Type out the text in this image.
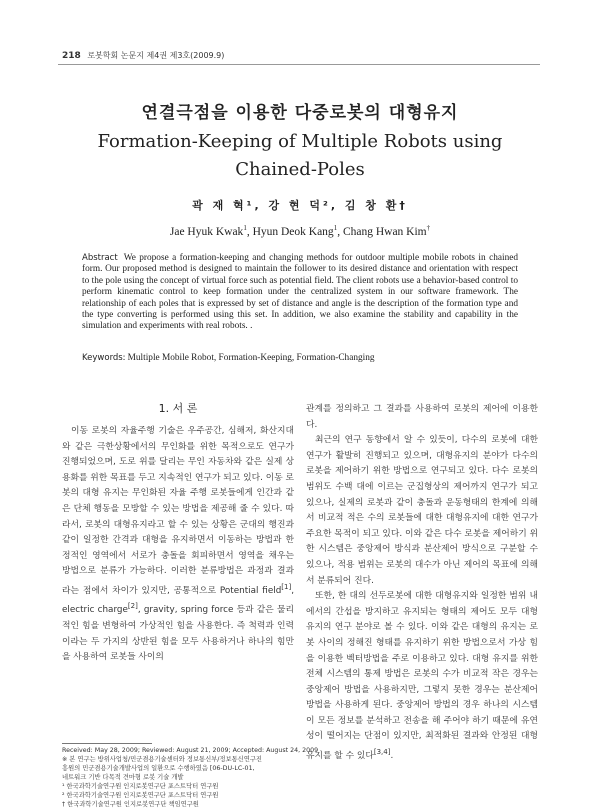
218 로봇학회 논문지 제4권 제3호(2009.9)
연결극점을 이용한 다중로봇의 대형유지
Formation-Keeping of Multiple Robots using
Chained-Poles
곽 재 혁¹, 강 현 덕², 김 창 환†
Jae Hyuk Kwak$^1$, Hyun Deok Kang$^1$, Chang Hwan Kim†
Abstract We propose a formation-keeping and changing methods for outdoor multiple mobile robots in chained form. Our proposed method is designed to maintain the follower to its desired distance and orientation with respect to the pole using the concept of virtual force such as potential field. The client robots use a behavior-based control to perform kinematic control to keep formation under the centralized system in our software framework. The relationship of each poles that is expressed by set of distance and angle is the description of the formation type and the type converting is performed using this set. In addition, we also examine the stability and capability in the simulation and experiments with real robots. .
Keywords: Multiple Mobile Robot, Formation-Keeping, Formation-Changing
1. 서 론

이동 로봇의 자율주행 기술은 우주공간, 심해저, 화산지대와 같은 극한상황에서의 무인화를 위한 목적으로도 연구가 진행되었으며, 도로 위를 달리는 무인 자동차와 같은 실제 상용화를 위한 목표를 두고 지속적인 연구가 되고 있다. 이동 로봇의 대형 유지는 무인화된 자율 주행 로봇들에게 인간과 같은 단체 행동을 모방할 수 있는 방법을 제공해 줄 수 있다. 따라서, 로봇의 대형유지라고 할 수 있는 상황은 군대의 행진과 같이 일정한 간격과 대형을 유지하면서 이동하는 방법과 한정적인 영역에서 서로가 충돌을 회피하면서 영역을 채우는 방법으로 분류가 가능하다. 이러한 분류방법은 과정과 결과라는 점에서 차이가 있지만, 공통적으로 Potential field[1], electric charge[2], gravity, spring force 등과 같은 물리적인 힘을 변형하여 가상적인 힘을 사용한다. 즉 척력과 인력이라는 두 가지의 상반된 힘을 모두 사용하거나 하나의 힘만을 사용하여 로봇들 사이의

관계를 정의하고 그 결과를 사용하여 로봇의 제어에 이용한다.

최근의 연구 동향에서 알 수 있듯이, 다수의 로봇에 대한 연구가 활발히 진행되고 있으며, 대형유지의 분야가 다수의 로봇을 제어하기 위한 방법으로 연구되고 있다. 다수 로봇의 범위도 수백 대에 이르는 군집형상의 제어까지 연구가 되고 있으나, 실제의 로봇과 같이 충돌과 운동형태의 한계에 의해서 비교적 적은 수의 로봇들에 대한 대형유지에 대한 연구가 주요한 목적이 되고 있다. 이와 같은 다수 로봇을 제어하기 위한 시스템은 중앙제어 방식과 분산제어 방식으로 구분할 수 있으나, 적용 범위는 로봇의 대수가 아닌 제어의 목표에 의해서 분류되어 진다.

또한, 한 대의 선두로봇에 대한 대형유지와 일정한 범위 내에서의 간섭을 방지하고 유지되는 형태의 제어도 모두 대형유지의 연구 분야로 볼 수 있다. 이와 같은 대형의 유지는 로봇 사이의 정해진 형태를 유지하기 위한 방법으로서 가상 힘을 이용한 벡터방법을 주로 이용하고 있다. 대형 유지를 위한 전체 시스템의 통제 방법은 로봇의 수가 비교적 작은 경우는 중앙제어 방법을 사용하지만, 그렇지 못한 경우는 분산제어 방법을 사용하게 된다. 중앙제어 방법의 경우 하나의 시스템이 모든 정보를 분석하고 전송을 해 주어야 하기 때문에 유연성이 떨어지는 단점이 있지만, 최적화된 결과와 안정된 대형유지를 할 수 있다[3,4].

Received: May 28, 2009; Reviewed: August 21, 2009; Accepted: August 24, 2009
※ 본 연구는 방위사업청/민군겸용기술센터와 정보통신부/정보통신연구진
흥원의 민군겸용기술개발사업의 일환으로 수행하였음 [06-DU-LC-01,
네트워크 기반 다목적 견마형 로봇 기술 개발
¹ 한국과학기술연구원 인지로봇연구단 포스트닥터 연구원
² 한국과학기술연구원 인지로봇연구단 포스트닥터 연구원
† 한국과학기술연구원 인지로봇연구단 책임연구원
